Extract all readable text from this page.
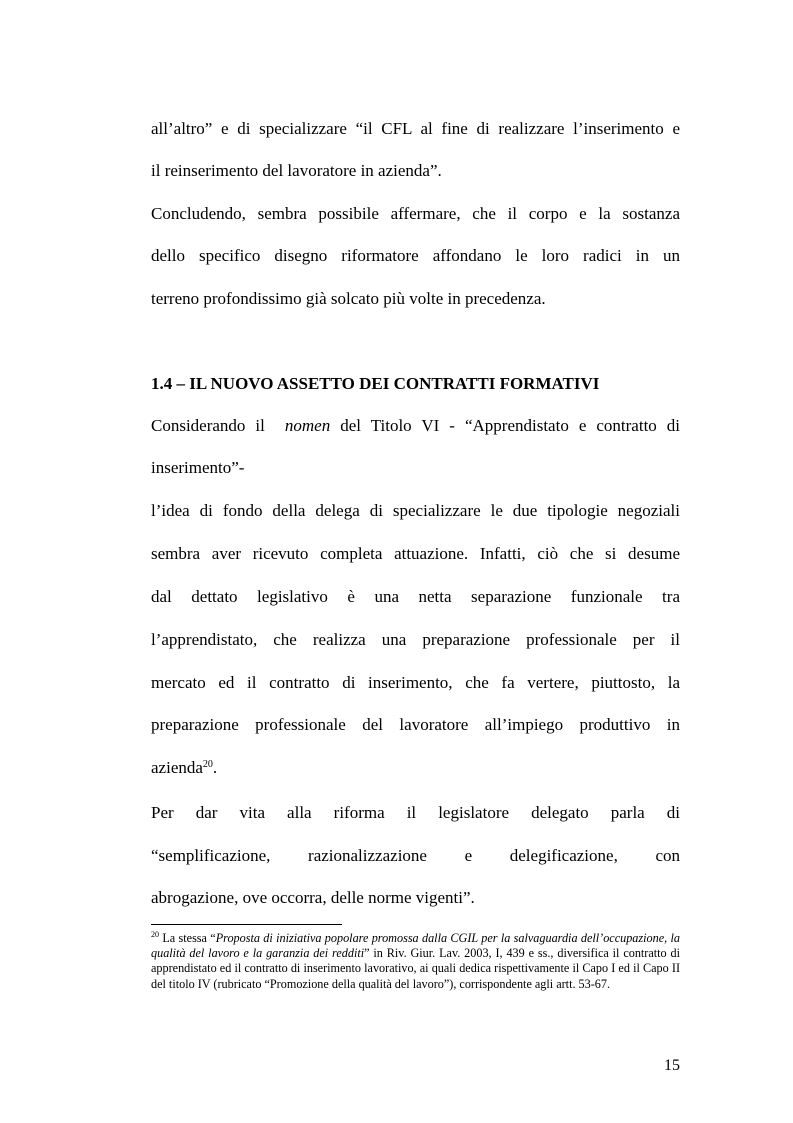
all’altro” e di specializzare “il CFL al fine di realizzare l’inserimento e

il reinserimento del lavoratore in azienda”.

Concludendo, sembra possibile affermare, che il corpo e la sostanza

dello specifico disegno riformatore affondano le loro radici in un

terreno profondissimo già solcato più volte in precedenza.

1.4 – IL NUOVO ASSETTO DEI CONTRATTI FORMATIVI

Considerando il nomen del Titolo VI - “Apprendistato e contratto di

inserimento”-

l’idea di fondo della delega di specializzare le due tipologie negoziali

sembra aver ricevuto completa attuazione. Infatti, ciò che si desume

dal dettato legislativo è una netta separazione funzionale tra

l’apprendistato, che realizza una preparazione professionale per il

mercato ed il contratto di inserimento, che fa vertere, piuttosto, la

preparazione professionale del lavoratore all’impiego produttivo in

azienda$^{20}$.

Per dar vita alla riforma il legislatore delegato parla di

“semplificazione, razionalizzazione e delegificazione, con

abrogazione, ove occorra, delle norme vigenti”.

$^{20}$ La stessa “Proposta di iniziativa popolare promossa dalla CGIL per la salvaguardia dell’occupazione, la qualità del lavoro e la garanzia dei redditi” in Riv. Giur. Lav. 2003, I, 439 e ss., diversifica il contratto di apprendistato ed il contratto di inserimento lavorativo, ai quali dedica rispettivamente il Capo I ed il Capo II del titolo IV (rubricato “Promozione della qualità del lavoro”), corrispondente agli artt. 53-67.

15
